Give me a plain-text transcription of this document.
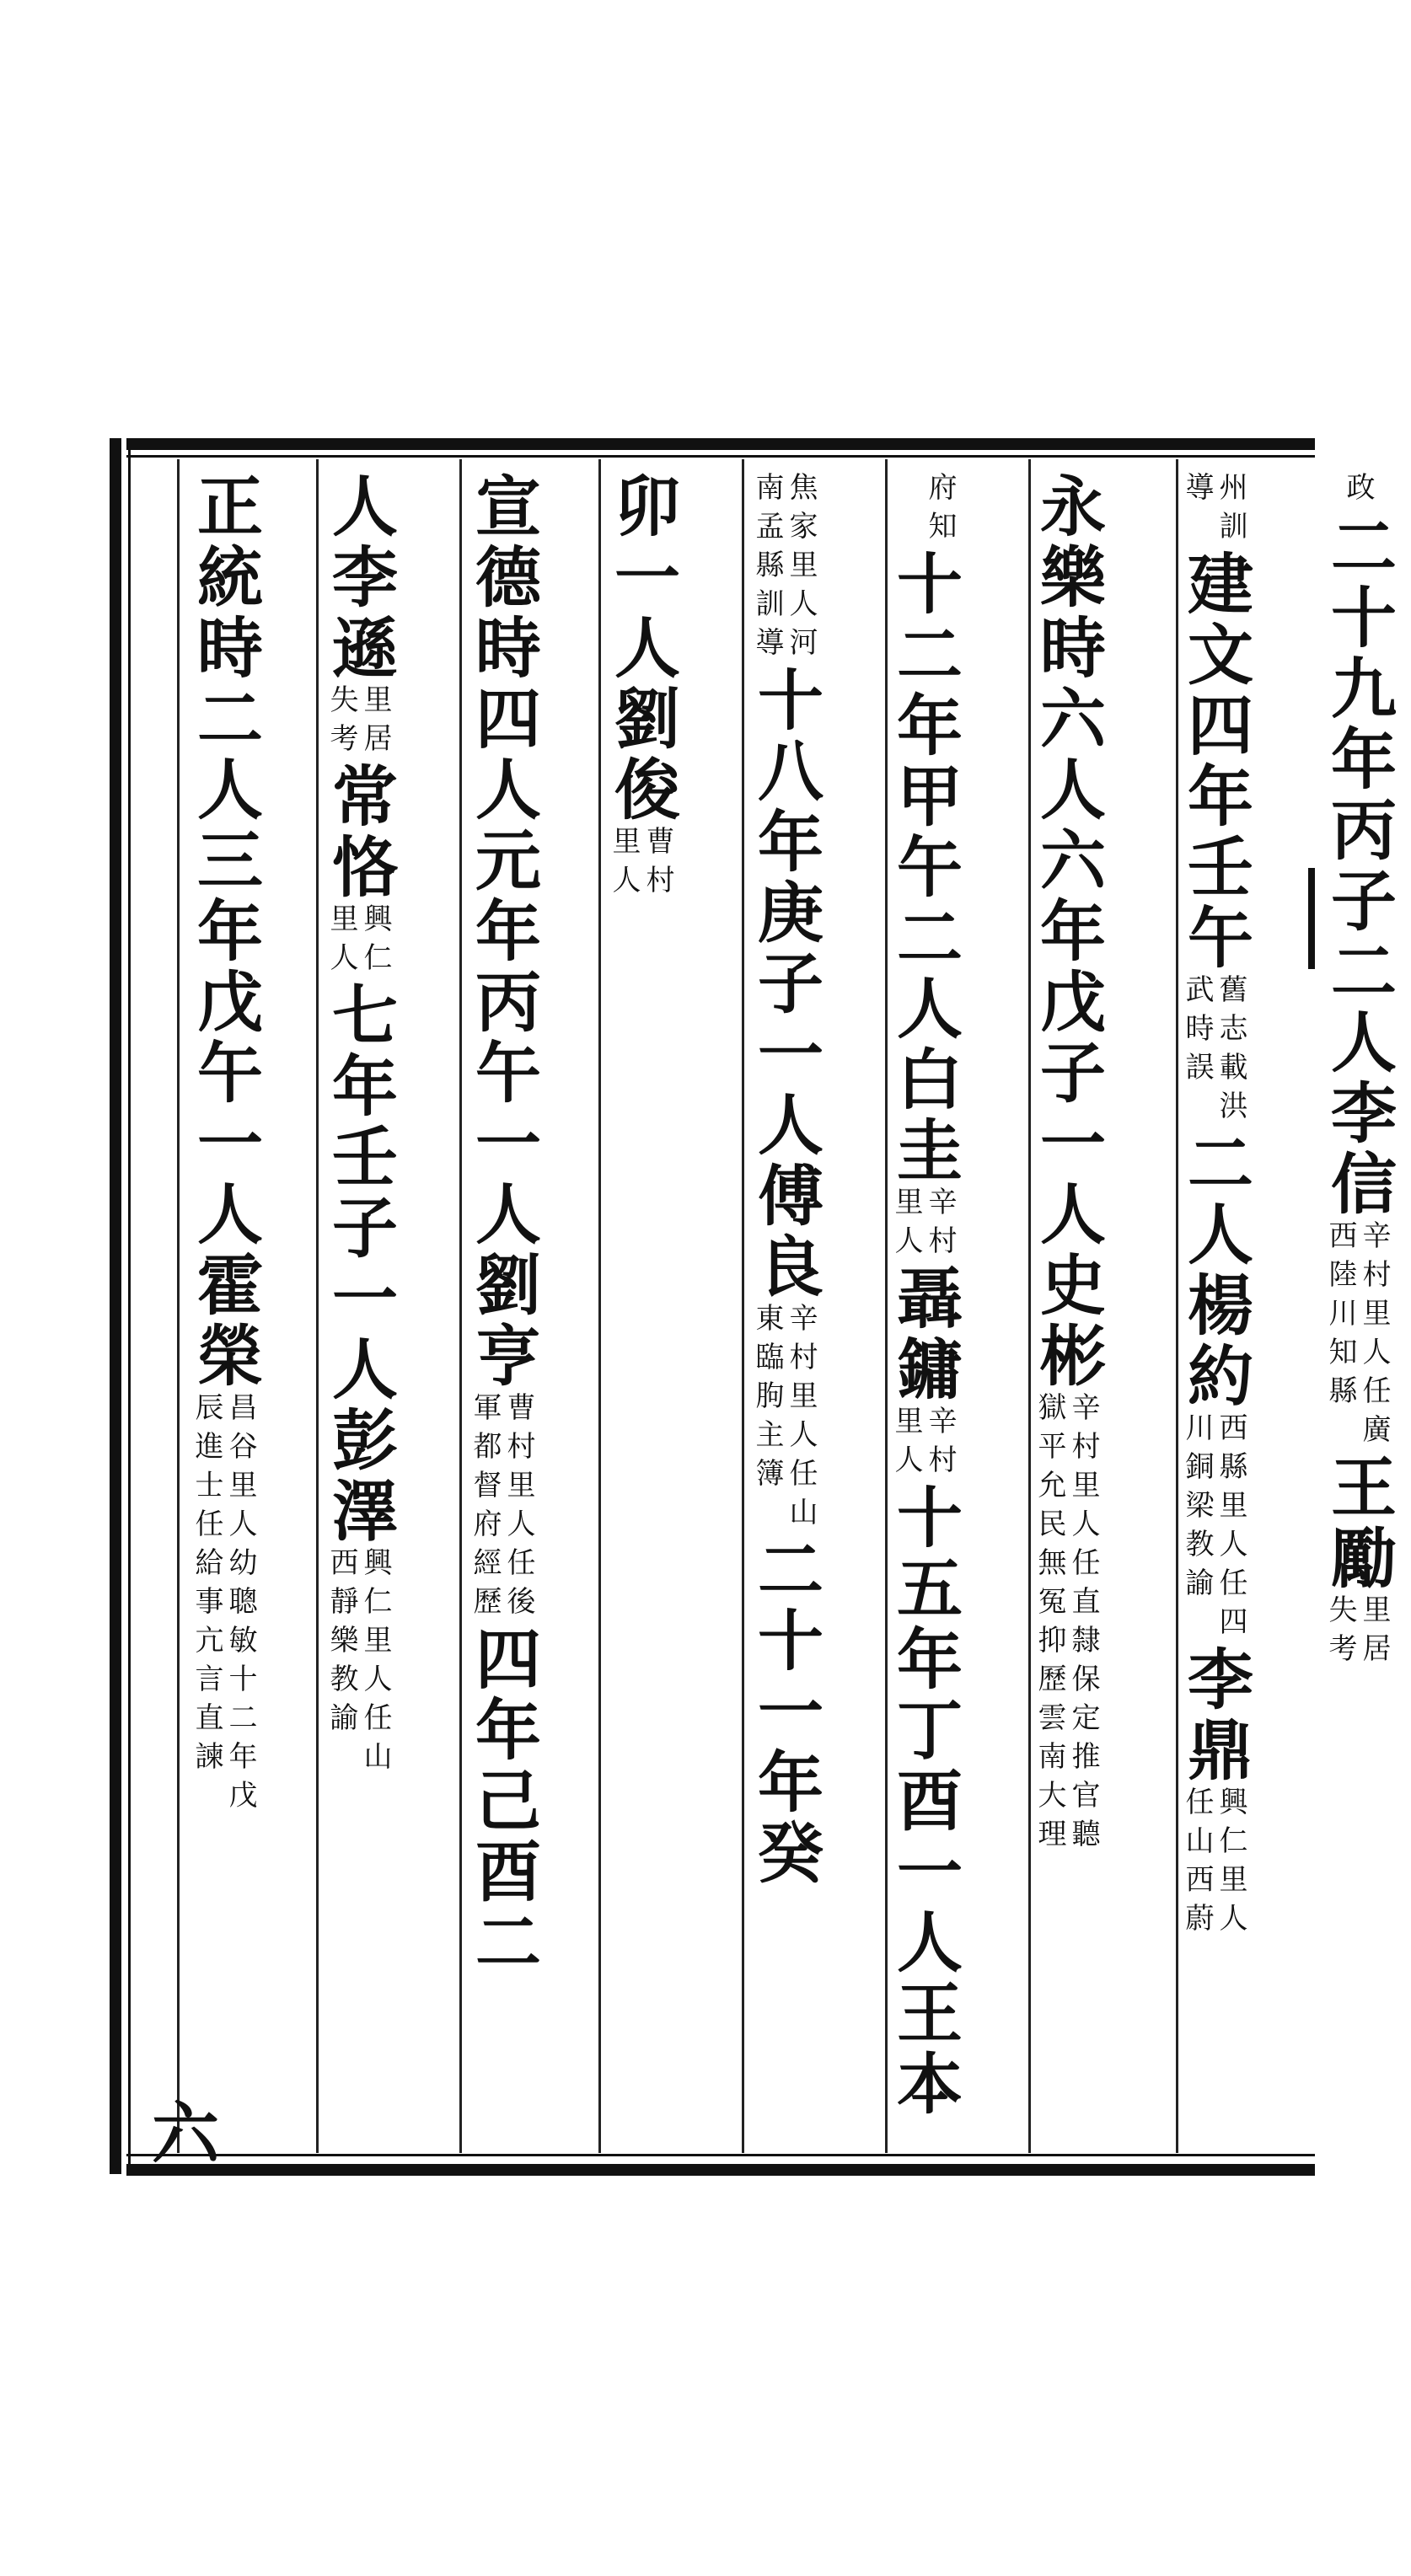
政二十九年丙子二人李信
辛村里人任廣
西陸川知縣
王勵
里居
失考
州訓
導
建文四年壬午
舊志載洪
武時誤
二人楊約
西縣里人任四
川銅梁教諭
李鼎
興仁里人
任山西蔚
永樂時六人六年戊子一人史彬
辛村里人任直隸保定推官聽
獄平允民無冤抑歷雲南大理
府知
十二年甲午二人白圭
辛村
里人
聶鏞
辛村
里人
十五年丁酉一人王本
焦家里人河
南孟縣訓導
十八年庚子一人傅良
辛村里人任山
東臨朐主簿
二十一年癸
卯一人劉俊
曹村
里人
宣德時四人元年丙午一人劉亨
曹村里人任後
軍都督府經歷
四年己酉二
人李遜
里居
失考
常恪
興仁
里人
七年壬子一人彭澤
興仁里人任山
西靜樂教諭
正統時二人三年戊午一人霍榮
昌谷里人幼聰敏十二年戊
辰進士任給事亢言直諫
六
